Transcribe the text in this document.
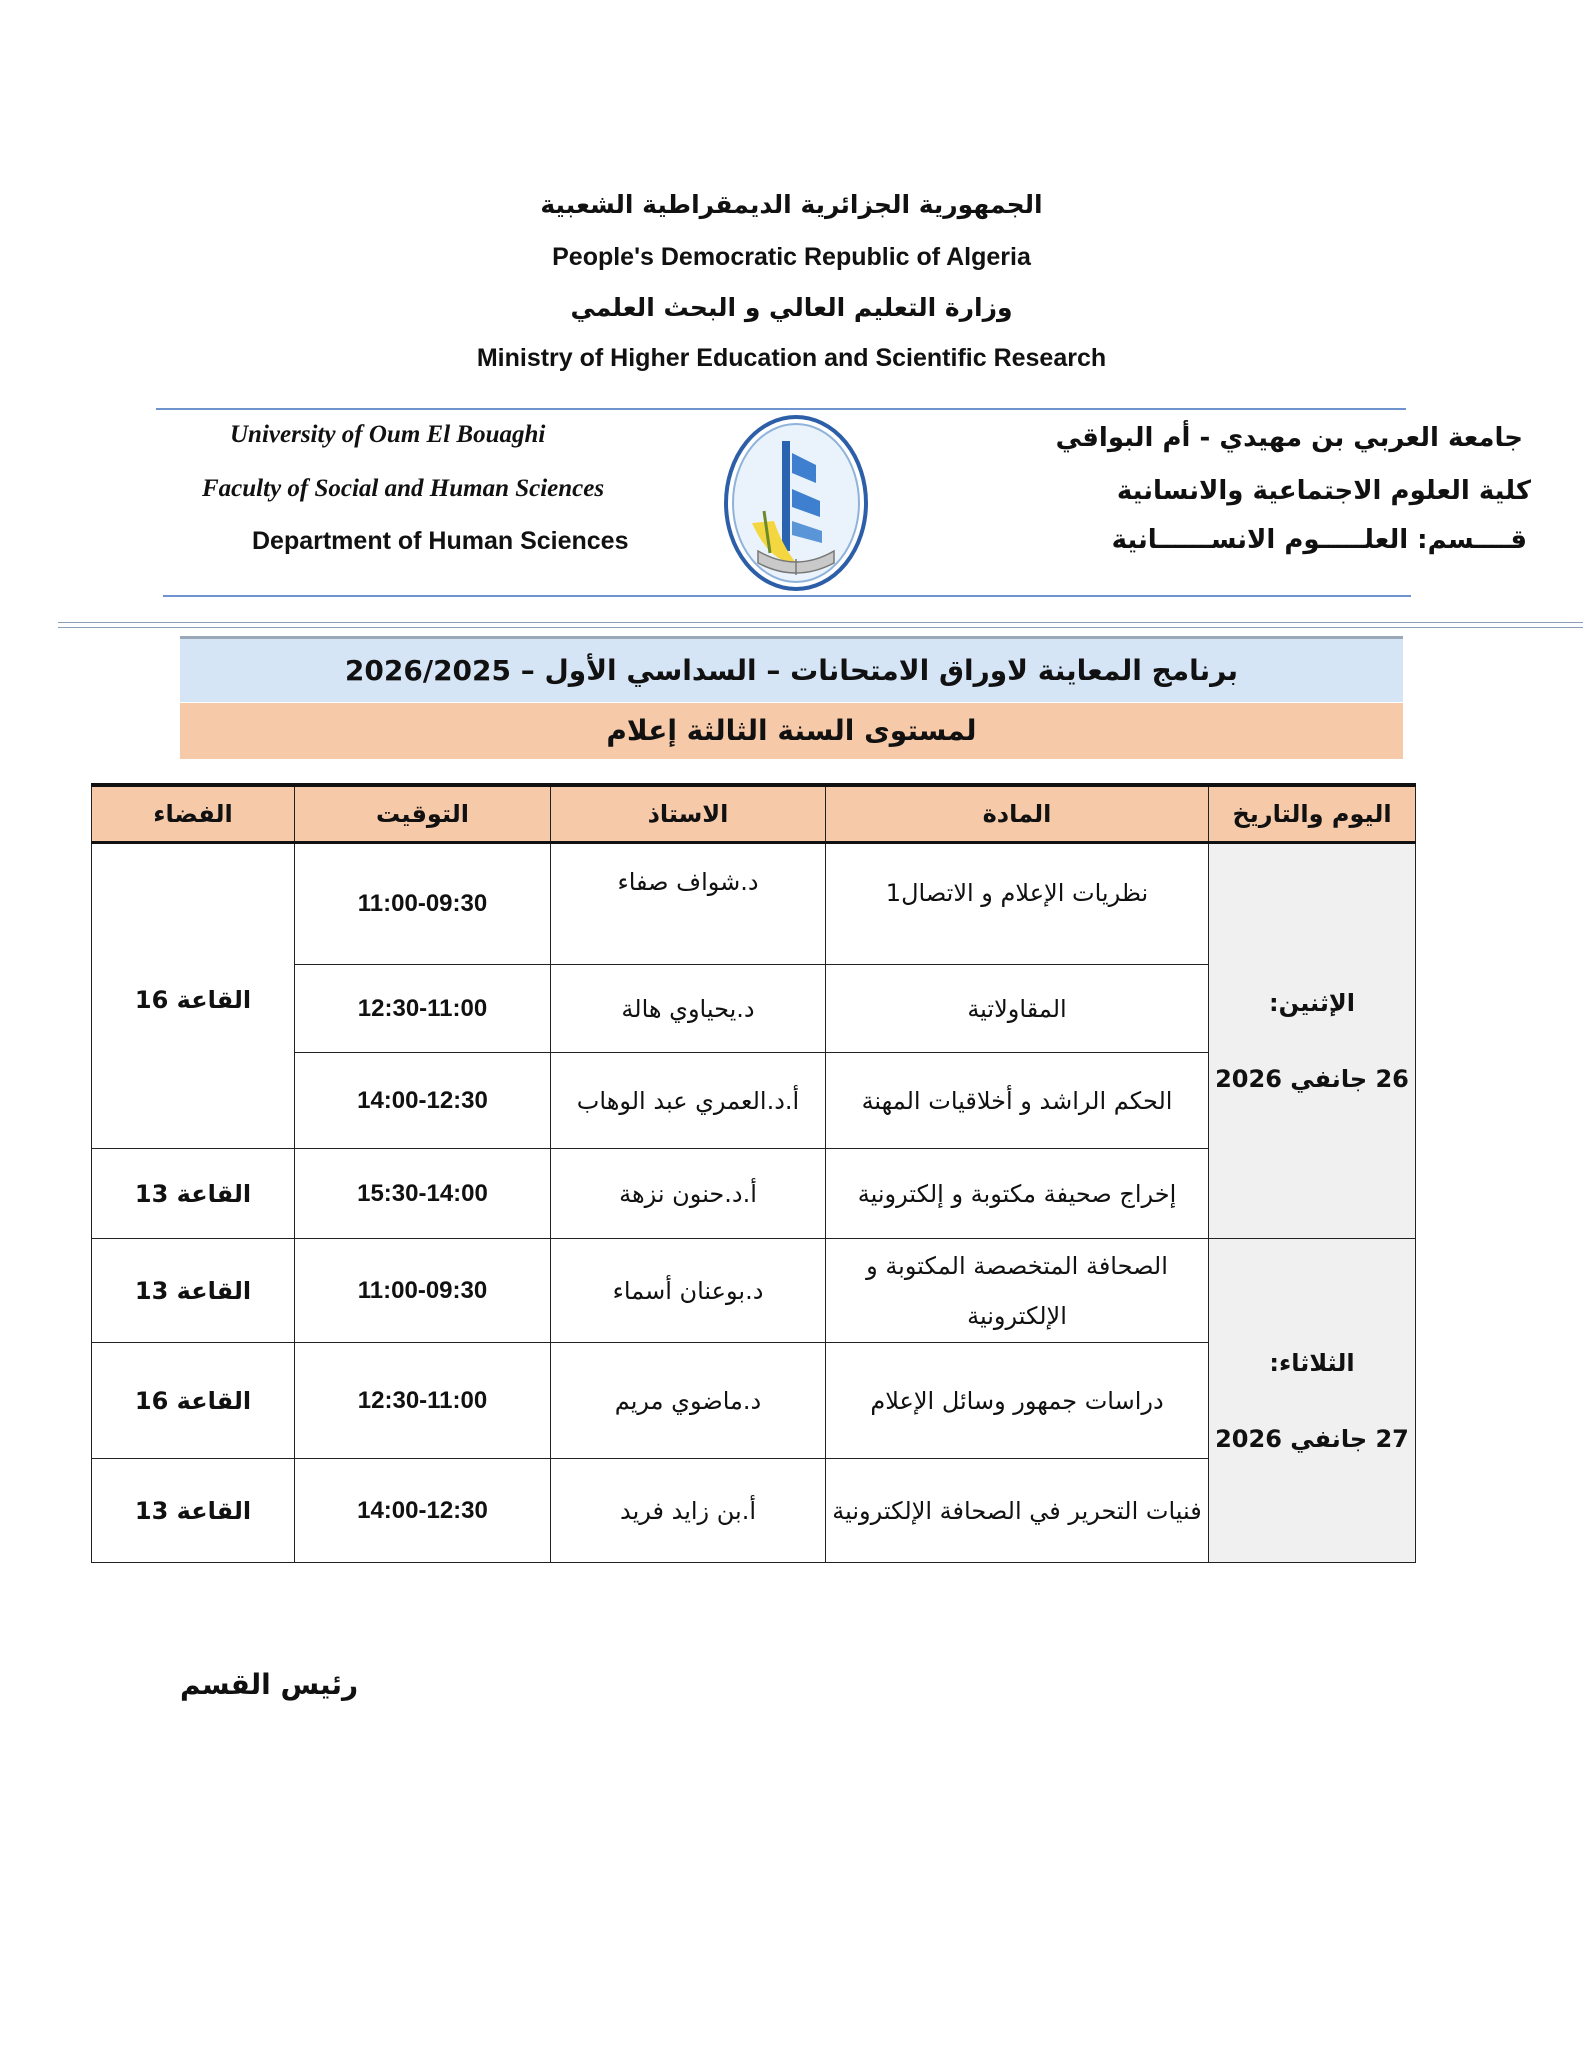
الجمهورية الجزائرية الديمقراطية الشعبية
People's Democratic Republic of Algeria
وزارة التعليم العالي و البحث العلمي
Ministry of Higher Education and Scientific Research
University of Oum El Bouaghi
Faculty of Social and Human Sciences
Department of Human Sciences
جامعة العربي بن مهيدي - أم البواقي
كلية العلوم الاجتماعية والانسانية
قــــسم: العلـــــوم الانســــــانية
برنامج المعاينة لاوراق الامتحانات – السداسي الأول – 2026/2025
لمستوى السنة الثالثة إعلام
اليوم والتاريخ	المادة	الاستاذ	التوقيت	الفضاء

الإثنين:
26 جانفي 2026	نظريات الإعلام و الاتصال1	د.شواف صفاء	11:00-09:30	القاعة 16
	المقاولاتية	د.يحياوي هالة	12:30-11:00	
	الحكم الراشد و أخلاقيات المهنة	أ.د.العمري عبد الوهاب	14:00-12:30	
	إخراج صحيفة مكتوبة و إلكترونية	أ.د.حنون نزهة	15:30-14:00	القاعة 13

الثلاثاء:
27 جانفي 2026	الصحافة المتخصصة المكتوبة و الإلكترونية	د.بوعنان أسماء	11:00-09:30	القاعة 13
	دراسات جمهور وسائل الإعلام	د.ماضوي مريم	12:30-11:00	القاعة 16
	فنيات التحرير في الصحافة الإلكترونية	أ.بن زايد فريد	14:00-12:30	القاعة 13
رئيس القسم
